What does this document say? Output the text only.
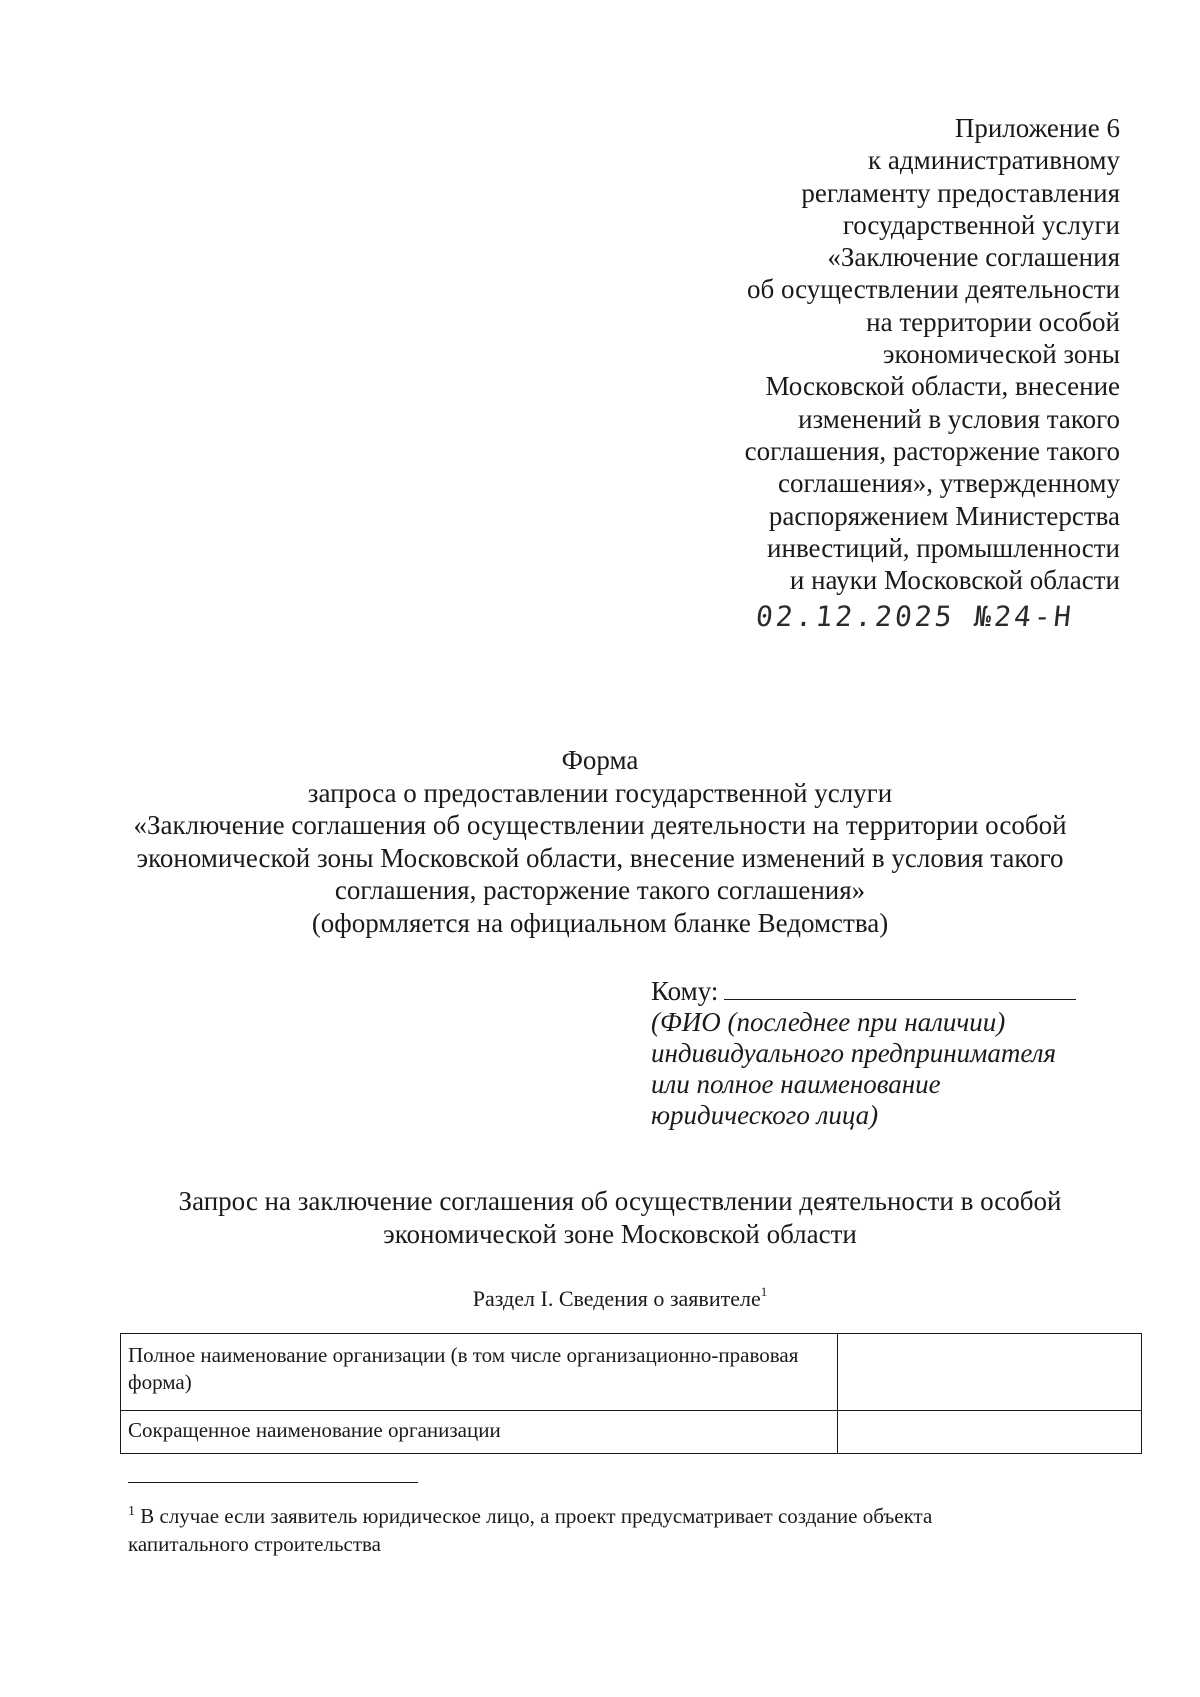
Приложение 6
к административному
регламенту предоставления
государственной услуги
«Заключение соглашения
об осуществлении деятельности
на территории особой
экономической зоны
Московской области, внесение
изменений в условия такого
соглашения, расторжение такого
соглашения», утвержденному
распоряжением Министерства
инвестиций, промышленности
и науки Московской области
02.12.2025 №24-Н
Форма
запроса о предоставлении государственной услуги
«Заключение соглашения об осуществлении деятельности на территории особой
экономической зоны Московской области, внесение изменений в условия такого
соглашения, расторжение такого соглашения»
(оформляется на официальном бланке Ведомства)
Кому:
(ФИО (последнее при наличии)
индивидуального предпринимателя
или полное наименование
юридического лица)
Запрос на заключение соглашения об осуществлении деятельности в особой
экономической зоне Московской области
Раздел I. Сведения о заявителе$^1$
Полное наименование организации (в том числе организационно-правовая форма)	
Сокращенное наименование организации	
$^1$ В случае если заявитель юридическое лицо, а проект предусматривает создание объекта
капитального строительства
